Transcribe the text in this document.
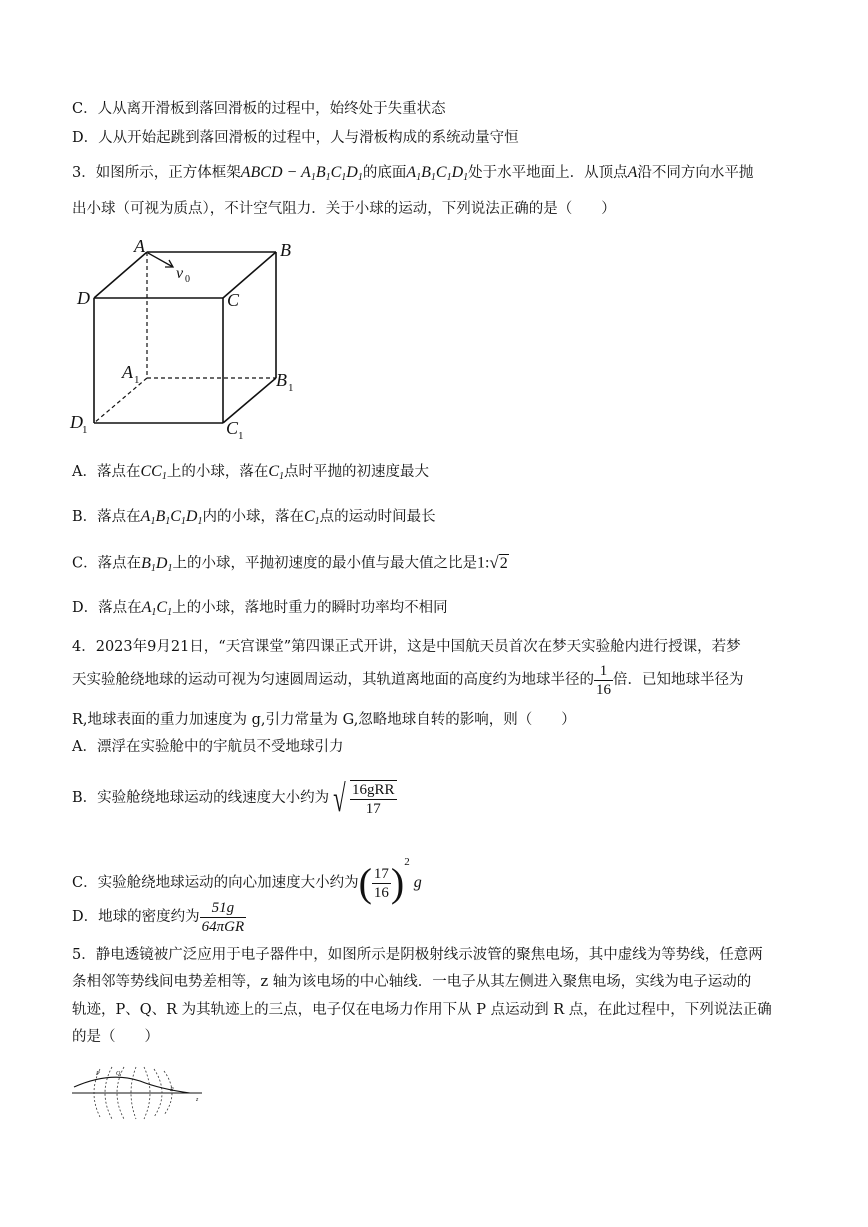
C．人从离开滑板到落回滑板的过程中，始终处于失重状态
D．人从开始起跳到落回滑板的过程中，人与滑板构成的系统动量守恒
3．如图所示，正方体框架ABCD − $A_1B_1C_1D_1$的底面$A_1B_1C_1D_1$处于水平地面上．从顶点A沿不同方向水平抛
出小球（可视为质点），不计空气阻力．关于小球的运动，下列说法正确的是（　　）
A	B
C
D
v 0
A 1	B 1
C 1
D 1
A．落点在$CC_1$上的小球，落在$C_1$点时平抛的初速度最大
B．落点在$A_1B_1C_1D_1$内的小球，落在$C_1$点的运动时间最长
C．落点在$B_1D_1$上的小球，平抛初速度的最小值与最大值之比是1:√2
D．落点在$A_1C_1$上的小球，落地时重力的瞬时功率均不相同
4．2023年9月21日，“天宫课堂”第四课正式开讲，这是中国航天员首次在梦天实验舱内进行授课，若梦
天实验舱绕地球的运动可视为匀速圆周运动，其轨道离地面的高度约为地球半径的 $\frac{1}{16}$ 倍．已知地球半径为
R,地球表面的重力加速度为 g,引力常量为 G,忽略地球自转的影响，则（　　）
A．漂浮在实验舱中的宇航员不受地球引力
B．实验舱绕地球运动的线速度大小约为 √ $\frac{\text{16gRR}}{17}$
C．实验舱绕地球运动的向心加速度大小约为( $\frac{17}{16} )^2g$
D．地球的密度约为 $\frac{51g}{\text{64πGR}}$
5．静电透镜被广泛应用于电子器件中，如图所示是阴极射线示波管的聚焦电场，其中虚线为等势线，任意两
条相邻等势线间电势差相等，z 轴为该电场的中心轴线．一电子从其左侧进入聚焦电场，实线为电子运动的
轨迹，P、Q、R 为其轨迹上的三点，电子仅在电场力作用下从 P 点运动到 R 点，在此过程中，下列说法正确
的是（　　）
P	Q
R
z
